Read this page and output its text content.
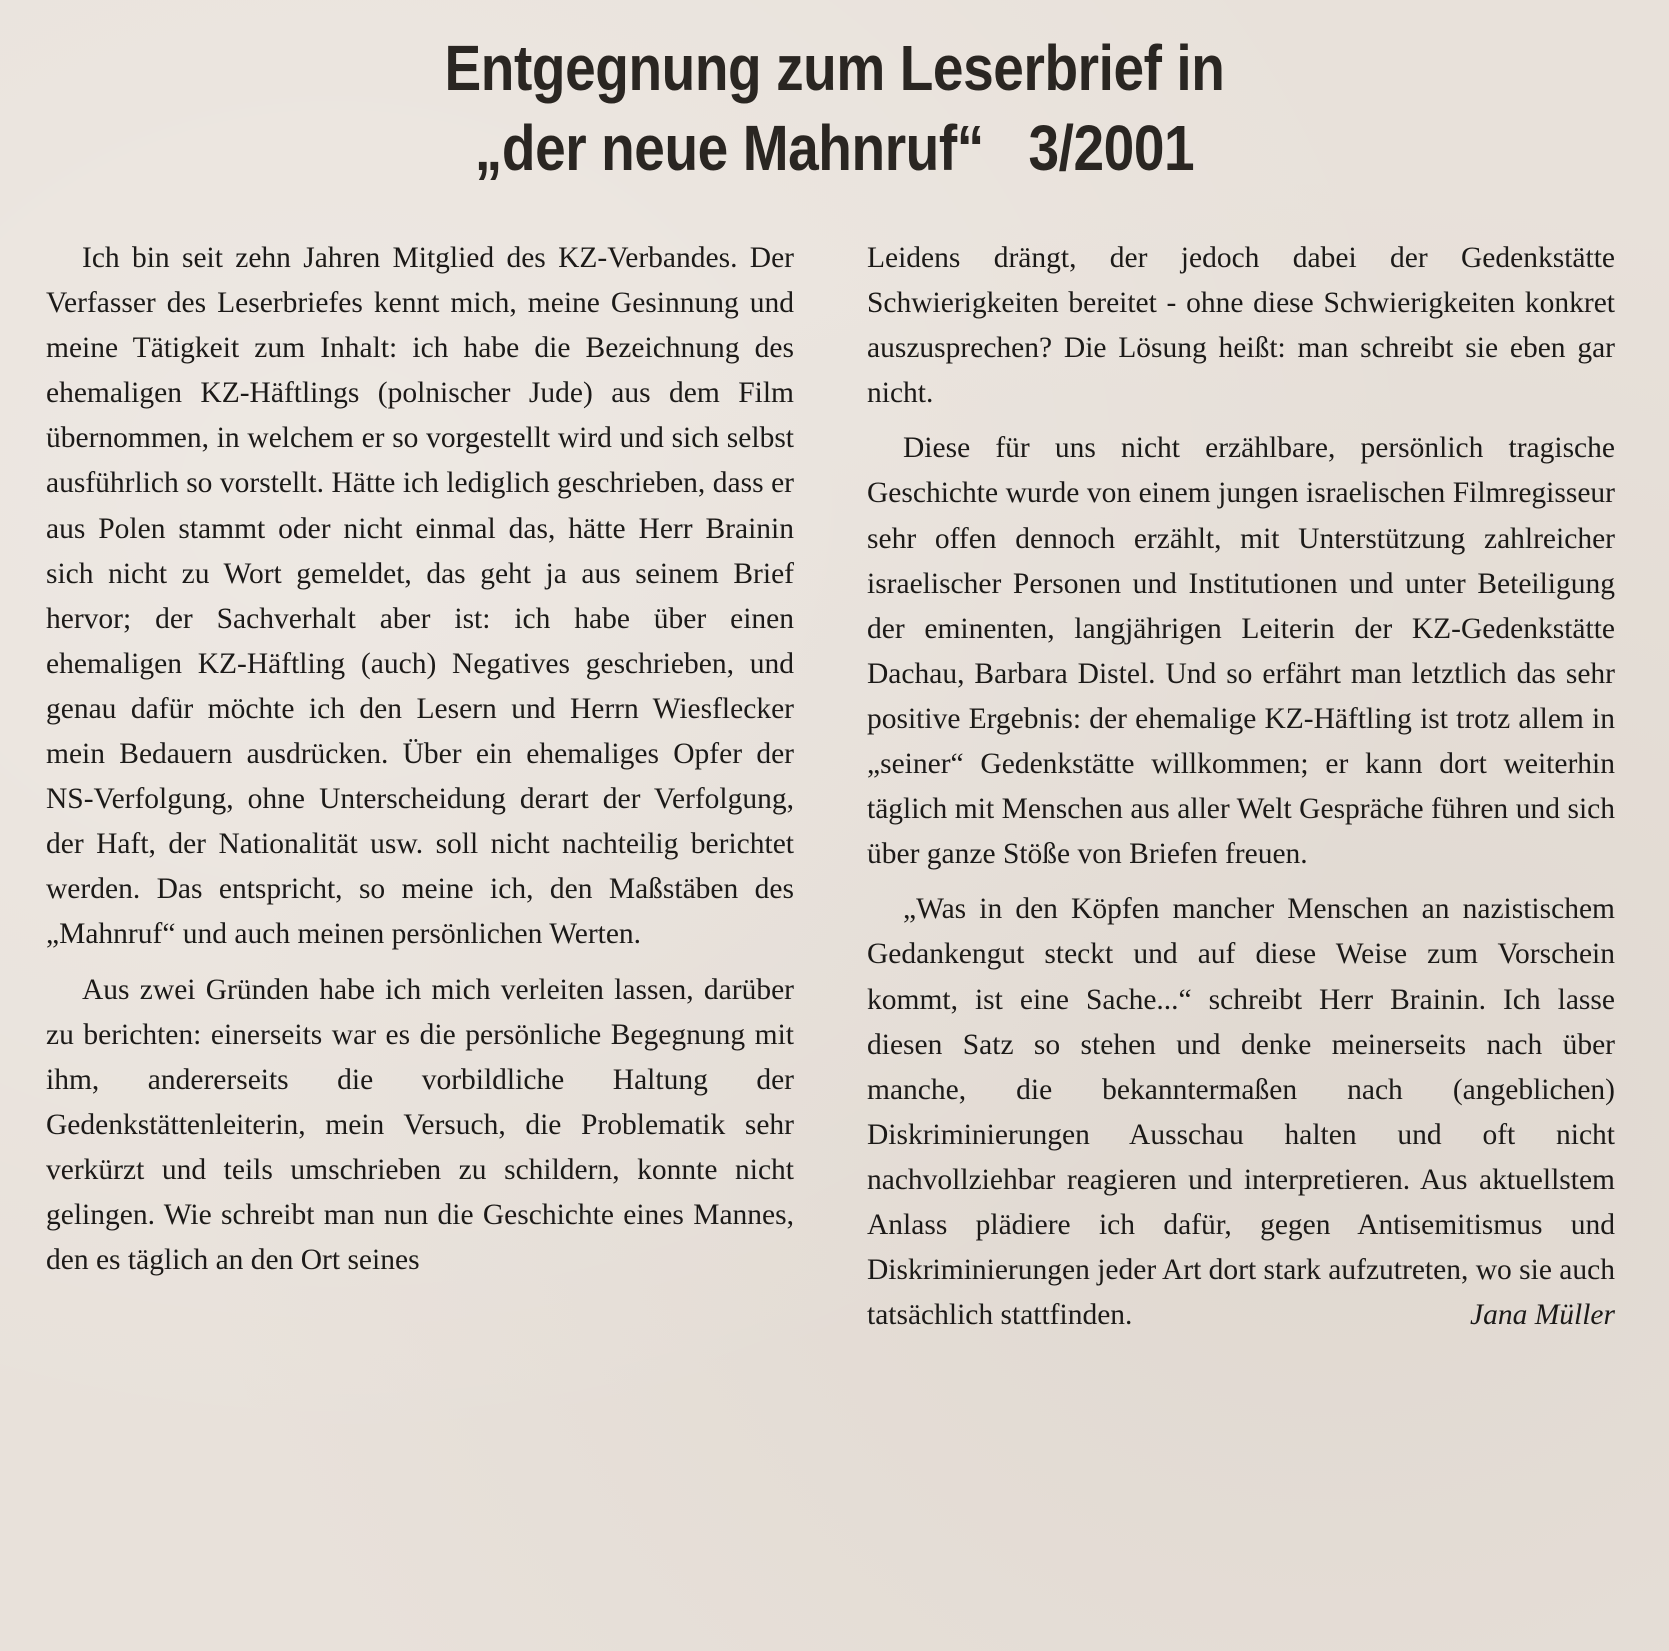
Entgegnung zum Leserbrief in
„der neue Mahnruf“   3/2001

Ich bin seit zehn Jahren Mitglied des KZ-Verbandes. Der Verfasser des Leserbriefes kennt mich, meine Gesinnung und meine Tätigkeit zum Inhalt: ich habe die Bezeichnung des ehemaligen KZ-Häftlings (polnischer Jude) aus dem Film übernommen, in welchem er so vorgestellt wird und sich selbst ausführlich so vorstellt. Hätte ich lediglich geschrieben, dass er aus Polen stammt oder nicht einmal das, hätte Herr Brainin sich nicht zu Wort gemeldet, das geht ja aus seinem Brief hervor; der Sachverhalt aber ist: ich habe über einen ehemaligen KZ-Häftling (auch) Negatives geschrieben, und genau dafür möchte ich den Lesern und Herrn Wiesflecker mein Bedauern ausdrücken. Über ein ehemaliges Opfer der NS-Verfolgung, ohne Unterscheidung derart der Verfolgung, der Haft, der Nationalität usw. soll nicht nachteilig berichtet werden. Das entspricht, so meine ich, den Maßstäben des „Mahnruf“ und auch meinen persönlichen Werten.

Aus zwei Gründen habe ich mich verleiten lassen, darüber zu berichten: einerseits war es die persönliche Begegnung mit ihm, andererseits die vorbildliche Haltung der Gedenkstättenleiterin, mein Versuch, die Problematik sehr verkürzt und teils umschrieben zu schildern, konnte nicht gelingen. Wie schreibt man nun die Geschichte eines Mannes, den es täglich an den Ort seines

Leidens drängt, der jedoch dabei der Gedenkstätte Schwierigkeiten bereitet - ohne diese Schwierigkeiten konkret auszusprechen? Die Lösung heißt: man schreibt sie eben gar nicht.

Diese für uns nicht erzählbare, persönlich tragische Geschichte wurde von einem jungen israelischen Filmregisseur sehr offen dennoch erzählt, mit Unterstützung zahlreicher israelischer Personen und Institutionen und unter Beteiligung der eminenten, langjährigen Leiterin der KZ-Gedenkstätte Dachau, Barbara Distel. Und so erfährt man letztlich das sehr positive Ergebnis: der ehemalige KZ-Häftling ist trotz allem in „seiner“ Gedenkstätte willkommen; er kann dort weiterhin täglich mit Menschen aus aller Welt Gespräche führen und sich über ganze Stöße von Briefen freuen.

„Was in den Köpfen mancher Menschen an nazistischem Gedankengut steckt und auf diese Weise zum Vorschein kommt, ist eine Sache...“ schreibt Herr Brainin. Ich lasse diesen Satz so stehen und denke meinerseits nach über manche, die bekanntermaßen nach (angeblichen) Diskriminierungen Ausschau halten und oft nicht nachvollziehbar reagieren und interpretieren. Aus aktuellstem Anlass plädiere ich dafür, gegen Antisemitismus und Diskriminierungen jeder Art dort stark aufzutreten, wo sie auch tatsächlich stattfinden.	Jana Müller
